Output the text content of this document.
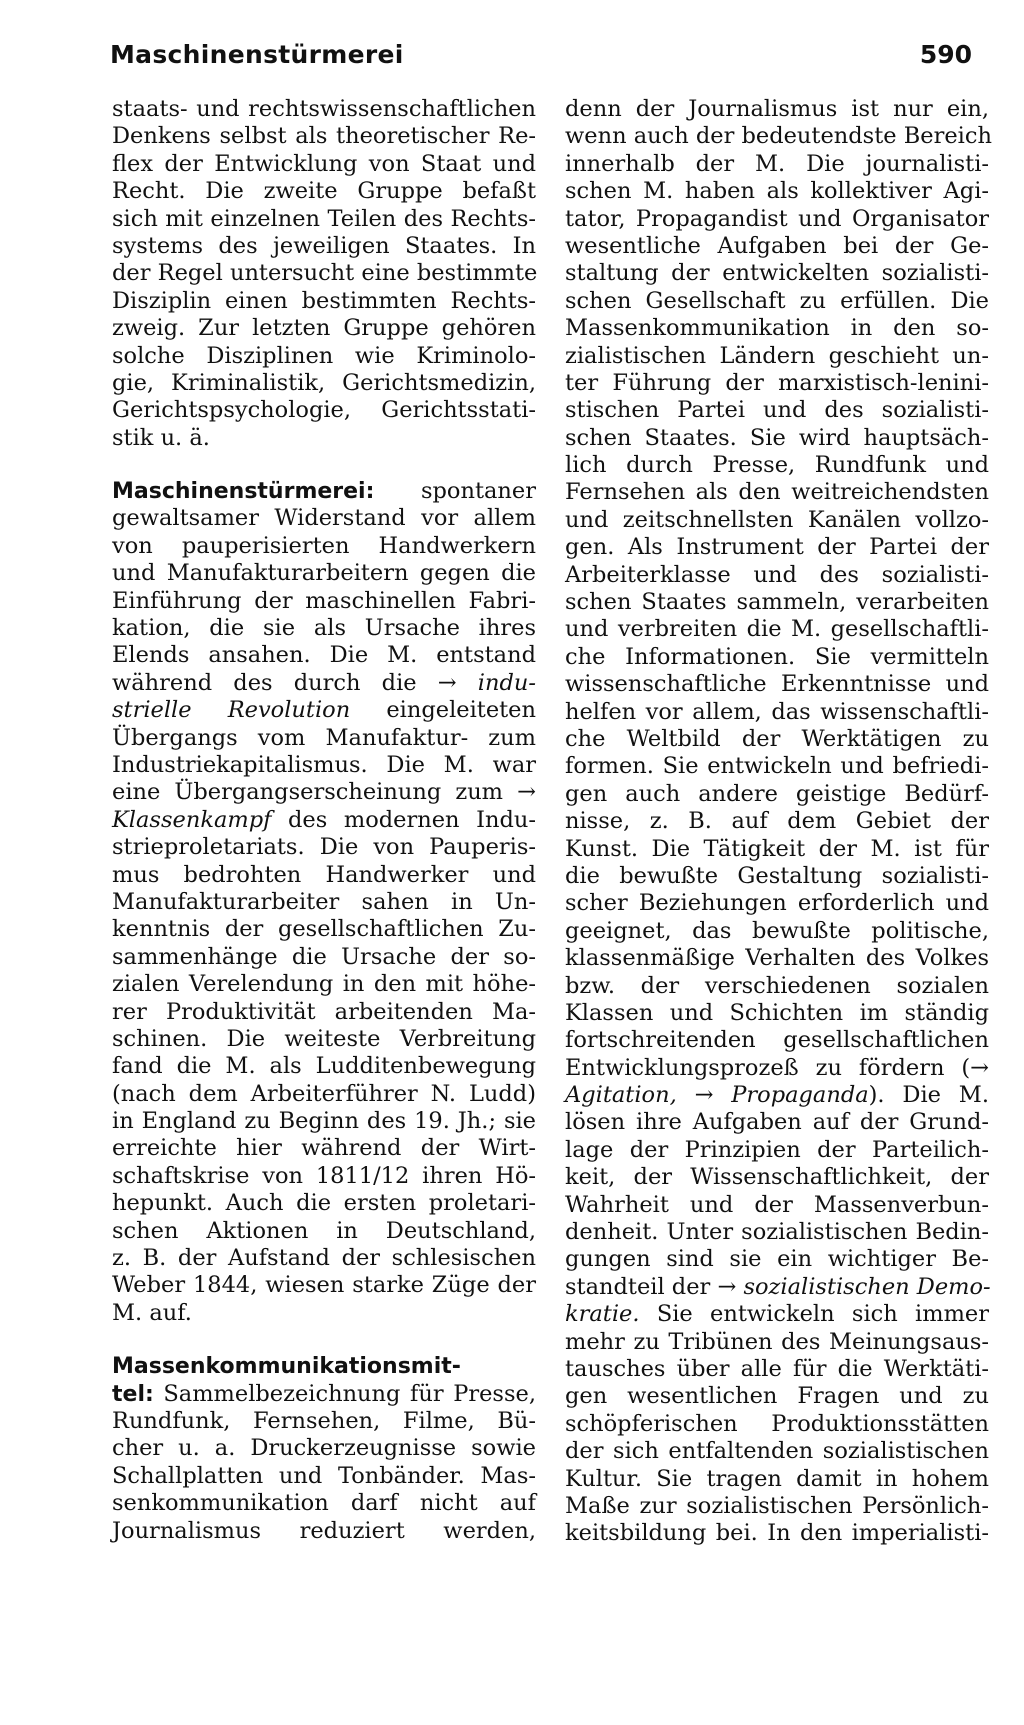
Maschinenstürmerei	590
staats- und rechtswissenschaftlichen
Denkens selbst als theoretischer Re-
flex der Entwicklung von Staat und
Recht. Die zweite Gruppe befaßt
sich mit einzelnen Teilen des Rechts-
systems des jeweiligen Staates. In
der Regel untersucht eine bestimmte
Disziplin einen bestimmten Rechts-
zweig. Zur letzten Gruppe gehören
solche Disziplinen wie Kriminolo-
gie, Kriminalistik, Gerichtsmedizin,
Gerichtspsychologie, Gerichtsstati-
stik u. ä.
Maschinenstürmerei: spontaner
gewaltsamer Widerstand vor allem
von pauperisierten Handwerkern
und Manufakturarbeitern gegen die
Einführung der maschinellen Fabri-
kation, die sie als Ursache ihres
Elends ansahen. Die M. entstand
während des durch die → indu-
strielle Revolution eingeleiteten
Übergangs vom Manufaktur- zum
Industriekapitalismus. Die M. war
eine Übergangserscheinung zum →
Klassenkampf des modernen Indu-
strieproletariats. Die von Pauperis-
mus bedrohten Handwerker und
Manufakturarbeiter sahen in Un-
kenntnis der gesellschaftlichen Zu-
sammenhänge die Ursache der so-
zialen Verelendung in den mit höhe-
rer Produktivität arbeitenden Ma-
schinen. Die weiteste Verbreitung
fand die M. als Ludditenbewegung
(nach dem Arbeiterführer N. Ludd)
in England zu Beginn des 19. Jh.; sie
erreichte hier während der Wirt-
schaftskrise von 1811/12 ihren Hö-
hepunkt. Auch die ersten proletari-
schen Aktionen in Deutschland,
z. B. der Aufstand der schlesischen
Weber 1844, wiesen starke Züge der
M. auf.
Massenkommunikationsmit-
tel: Sammelbezeichnung für Presse,
Rundfunk, Fernsehen, Filme, Bü-
cher u. a. Druckerzeugnisse sowie
Schallplatten und Tonbänder. Mas-
senkommunikation darf nicht auf
Journalismus reduziert werden,
denn der Journalismus ist nur ein,
wenn auch der bedeutendste Bereich
innerhalb der M. Die journalisti-
schen M. haben als kollektiver Agi-
tator, Propagandist und Organisator
wesentliche Aufgaben bei der Ge-
staltung der entwickelten sozialisti-
schen Gesellschaft zu erfüllen. Die
Massenkommunikation in den so-
zialistischen Ländern geschieht un-
ter Führung der marxistisch-lenini-
stischen Partei und des sozialisti-
schen Staates. Sie wird hauptsäch-
lich durch Presse, Rundfunk und
Fernsehen als den weitreichendsten
und zeitschnellsten Kanälen vollzo-
gen. Als Instrument der Partei der
Arbeiterklasse und des sozialisti-
schen Staates sammeln, verarbeiten
und verbreiten die M. gesellschaftli-
che Informationen. Sie vermitteln
wissenschaftliche Erkenntnisse und
helfen vor allem, das wissenschaftli-
che Weltbild der Werktätigen zu
formen. Sie entwickeln und befriedi-
gen auch andere geistige Bedürf-
nisse, z. B. auf dem Gebiet der
Kunst. Die Tätigkeit der M. ist für
die bewußte Gestaltung sozialisti-
scher Beziehungen erforderlich und
geeignet, das bewußte politische,
klassenmäßige Verhalten des Volkes
bzw. der verschiedenen sozialen
Klassen und Schichten im ständig
fortschreitenden gesellschaftlichen
Entwicklungsprozeß zu fördern (→
Agitation, → Propaganda). Die M.
lösen ihre Aufgaben auf der Grund-
lage der Prinzipien der Parteilich-
keit, der Wissenschaftlichkeit, der
Wahrheit und der Massenverbun-
denheit. Unter sozialistischen Bedin-
gungen sind sie ein wichtiger Be-
standteil der → sozialistischen Demo-
kratie. Sie entwickeln sich immer
mehr zu Tribünen des Meinungsaus-
tausches über alle für die Werktäti-
gen wesentlichen Fragen und zu
schöpferischen Produktionsstätten
der sich entfaltenden sozialistischen
Kultur. Sie tragen damit in hohem
Maße zur sozialistischen Persönlich-
keitsbildung bei. In den imperialisti-
